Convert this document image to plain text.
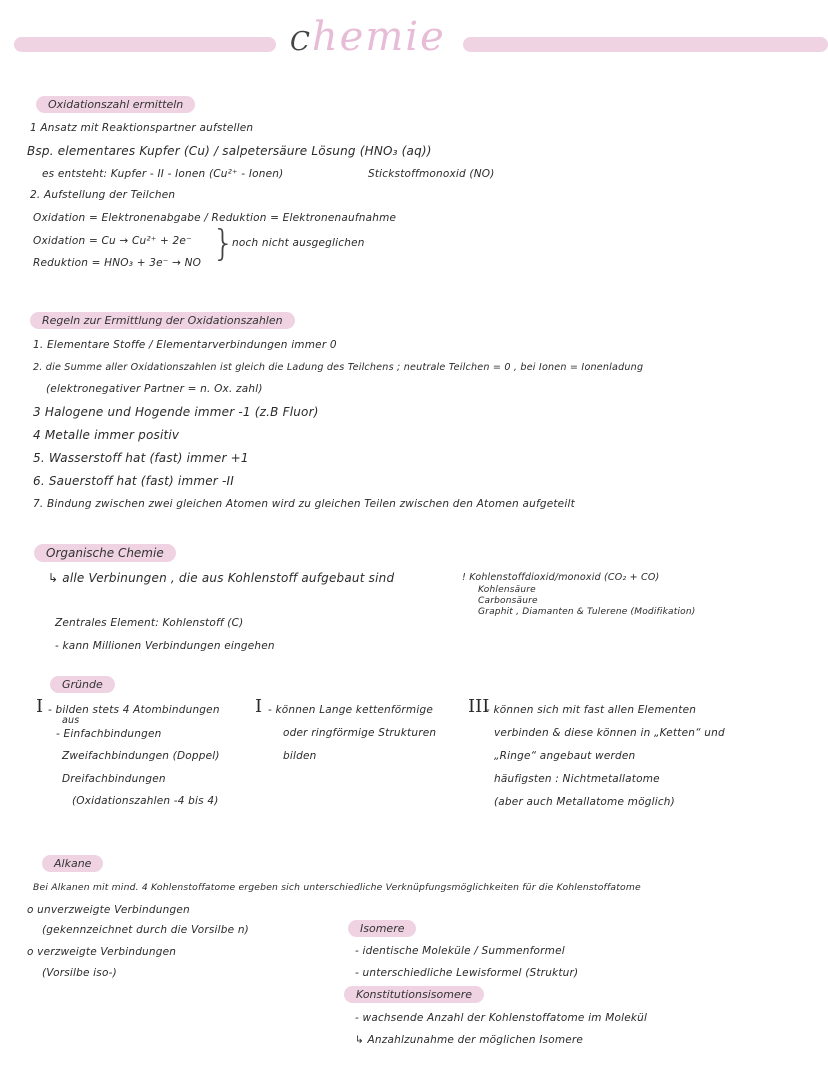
Chemie
Oxidationszahl ermitteln
1 Ansatz mit Reaktionspartner aufstellen
Bsp. elementares Kupfer (Cu) / salpetersäure Lösung (HNO₃ (aq))
es entsteht: Kupfer - II - Ionen (Cu²⁺ - Ionen)	Stickstoffmonoxid (NO)
2. Aufstellung der Teilchen
Oxidation = Elektronenabgabe / Reduktion = Elektronenaufnahme
Oxidation = Cu → Cu²⁺ + 2e⁻
Reduktion = HNO₃ + 3e⁻ → NO }
noch nicht ausgeglichen
Regeln zur Ermittlung der Oxidationszahlen
1. Elementare Stoffe / Elementarverbindungen immer 0
2. die Summe aller Oxidationszahlen ist gleich die Ladung des Teilchens ; neutrale Teilchen = 0 , bei Ionen = Ionenladung
(elektronegativer Partner = n. Ox. zahl)
3 Halogene und Hogende immer -1 (z.B Fluor)
4 Metalle immer positiv
5. Wasserstoff hat (fast) immer +1
6. Sauerstoff hat (fast) immer -II
7. Bindung zwischen zwei gleichen Atomen wird zu gleichen Teilen zwischen den Atomen aufgeteilt
Organische Chemie
↳ alle Verbinungen , die aus Kohlenstoff aufgebaut sind
Zentrales Element: Kohlenstoff (C)
- kann Millionen Verbindungen eingehen
! Kohlenstoffdioxid/monoxid (CO₂ + CO)
Kohlensäure
Carbonsäure
Graphit , Diamanten & Tulerene (Modifikation)
Gründe
I - bilden stets 4 Atombindungen
aus
- Einfachbindungen
Zweifachbindungen (Doppel)
Dreifachbindungen
(Oxidationszahlen -4 bis 4)
I - können Lange kettenförmige
oder ringförmige Strukturen
bilden
III
- können sich mit fast allen Elementen
verbinden & diese können in „Ketten“ und
„Ringe“ angebaut werden
häufigsten : Nichtmetallatome
(aber auch Metallatome möglich)
Alkane
Bei Alkanen mit mind. 4 Kohlenstoffatome ergeben sich unterschiedliche Verknüpfungsmöglichkeiten für die Kohlenstoffatome
o unverzweigte Verbindungen
(gekennzeichnet durch die Vorsilbe n)
o verzweigte Verbindungen
(Vorsilbe iso-)
Isomere
- identische Moleküle / Summenformel
- unterschiedliche Lewisformel (Struktur)
Konstitutionsisomere
- wachsende Anzahl der Kohlenstoffatome im Molekül
↳ Anzahlzunahme der möglichen Isomere
